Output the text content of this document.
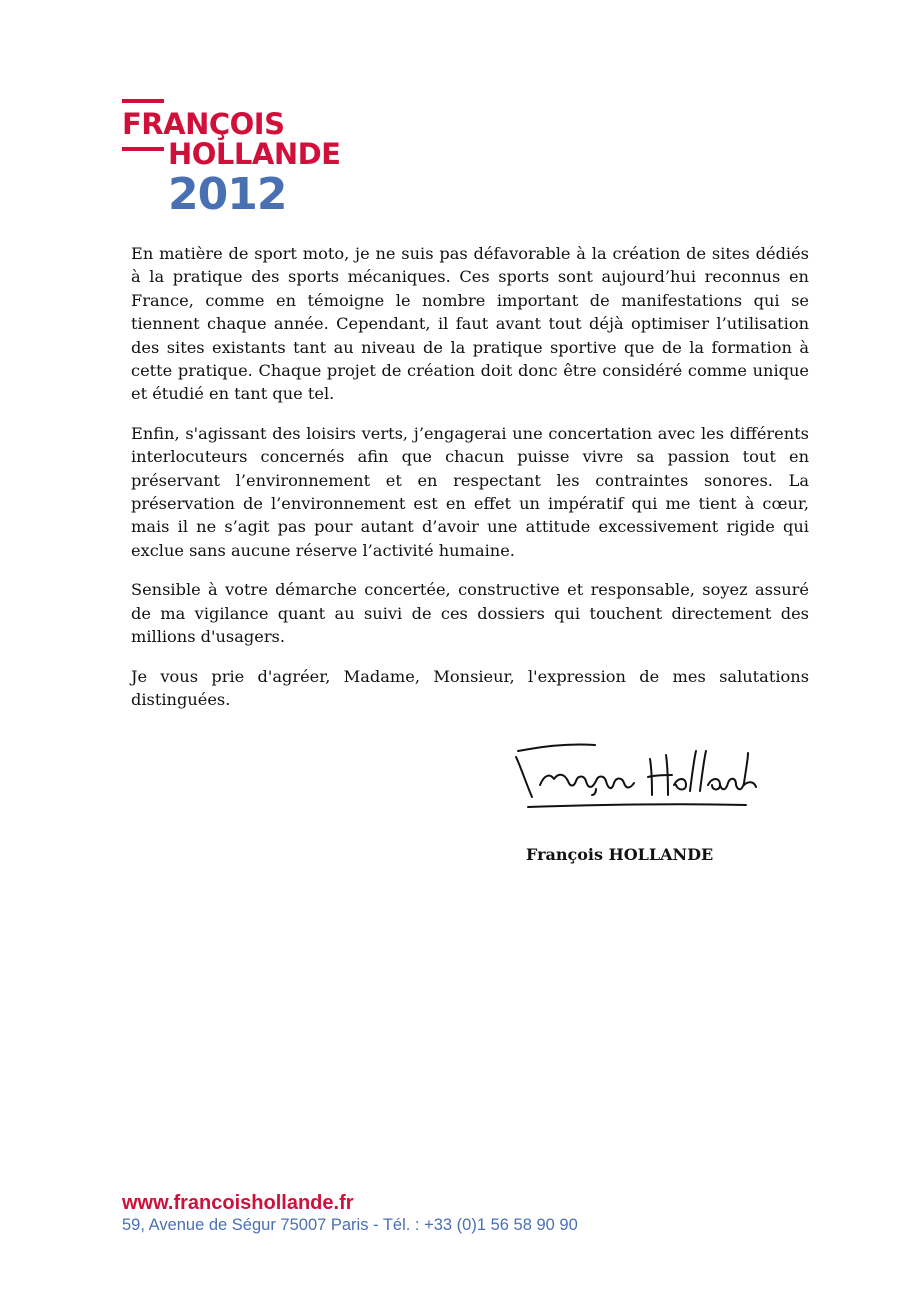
FRANÇOIS
HOLLANDE
2012

En matière de sport moto, je ne suis pas défavorable à la création de sites dédiés à la pratique des sports mécaniques. Ces sports sont aujourd’hui reconnus en France, comme en témoigne le nombre important de manifestations qui se tiennent chaque année. Cependant, il faut avant tout déjà optimiser l’utilisation des sites existants tant au niveau de la pratique sportive que de la formation à cette pratique. Chaque projet de création doit donc être considéré comme unique et étudié en tant que tel.

Enfin, s'agissant des loisirs verts, j’engagerai une concertation avec les différents interlocuteurs concernés afin que chacun puisse vivre sa passion tout en préservant l’environnement et en respectant les contraintes sonores. La préservation de l’environnement est en effet un impératif qui me tient à cœur, mais il ne s’agit pas pour autant d’avoir une attitude excessivement rigide qui exclue sans aucune réserve l’activité humaine.

Sensible à votre démarche concertée, constructive et responsable, soyez assuré de ma vigilance quant au suivi de ces dossiers qui touchent directement des millions d'usagers.

Je vous prie d'agréer, Madame, Monsieur, l'expression de mes salutations distinguées.

François HOLLANDE
www.francoishollande.fr
59, Avenue de Ségur 75007 Paris - Tél. : +33 (0)1 56 58 90 90
